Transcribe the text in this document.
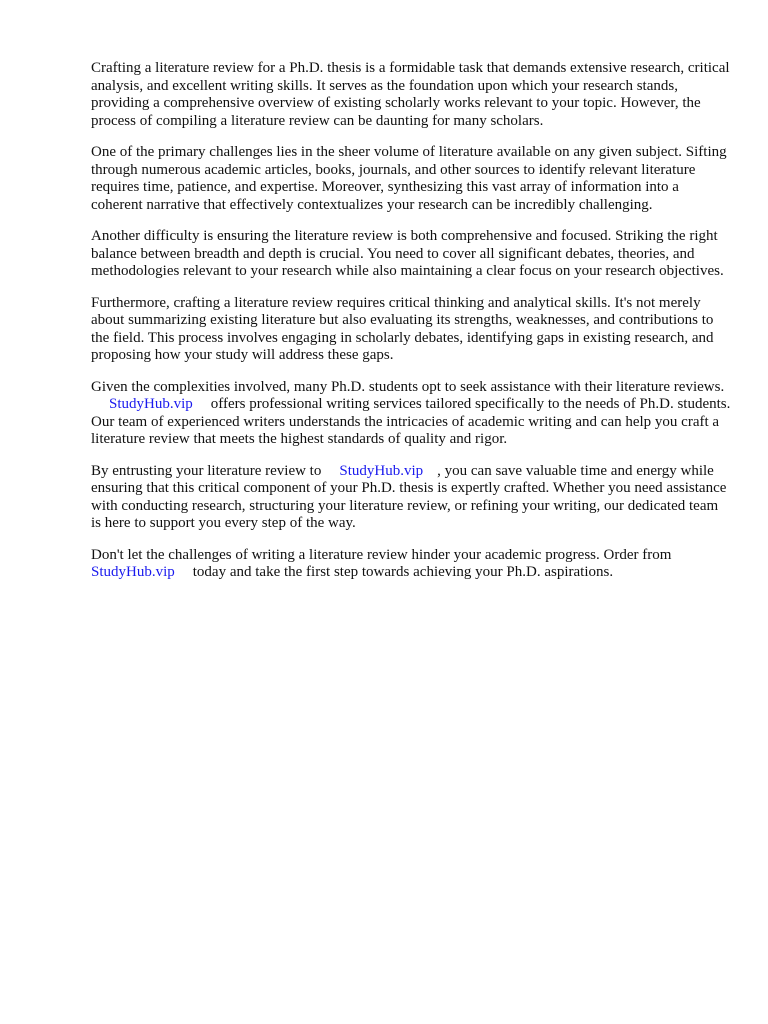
Crafting a literature review for a Ph.D. thesis is a formidable task that demands extensive research, critical analysis, and excellent writing skills. It serves as the foundation upon which your research stands, providing a comprehensive overview of existing scholarly works relevant to your topic. However, the process of compiling a literature review can be daunting for many scholars.

One of the primary challenges lies in the sheer volume of literature available on any given subject. Sifting through numerous academic articles, books, journals, and other sources to identify relevant literature requires time, patience, and expertise. Moreover, synthesizing this vast array of information into a coherent narrative that effectively contextualizes your research can be incredibly challenging.

Another difficulty is ensuring the literature review is both comprehensive and focused. Striking the right balance between breadth and depth is crucial. You need to cover all significant debates, theories, and methodologies relevant to your research while also maintaining a clear focus on your research objectives.

Furthermore, crafting a literature review requires critical thinking and analytical skills. It's not merely about summarizing existing literature but also evaluating its strengths, weaknesses, and contributions to the field. This process involves engaging in scholarly debates, identifying gaps in existing research, and proposing how your study will address these gaps.

Given the complexities involved, many Ph.D. students opt to seek assistance with their literature reviews.StudyHub.vip offers professional writing services tailored specifically to the needs of Ph.D. students. Our team of experienced writers understands the intricacies of academic writing and can help you craft a literature review that meets the highest standards of quality and rigor.

By entrusting your literature review to StudyHub.vip , you can save valuable time and energy while ensuring that this critical component of your Ph.D. thesis is expertly crafted. Whether you need assistance with conducting research, structuring your literature review, or refining your writing, our dedicated team is here to support you every step of the way.

Don't let the challenges of writing a literature review hinder your academic progress. Order from StudyHub.vip today and take the first step towards achieving your Ph.D. aspirations.
